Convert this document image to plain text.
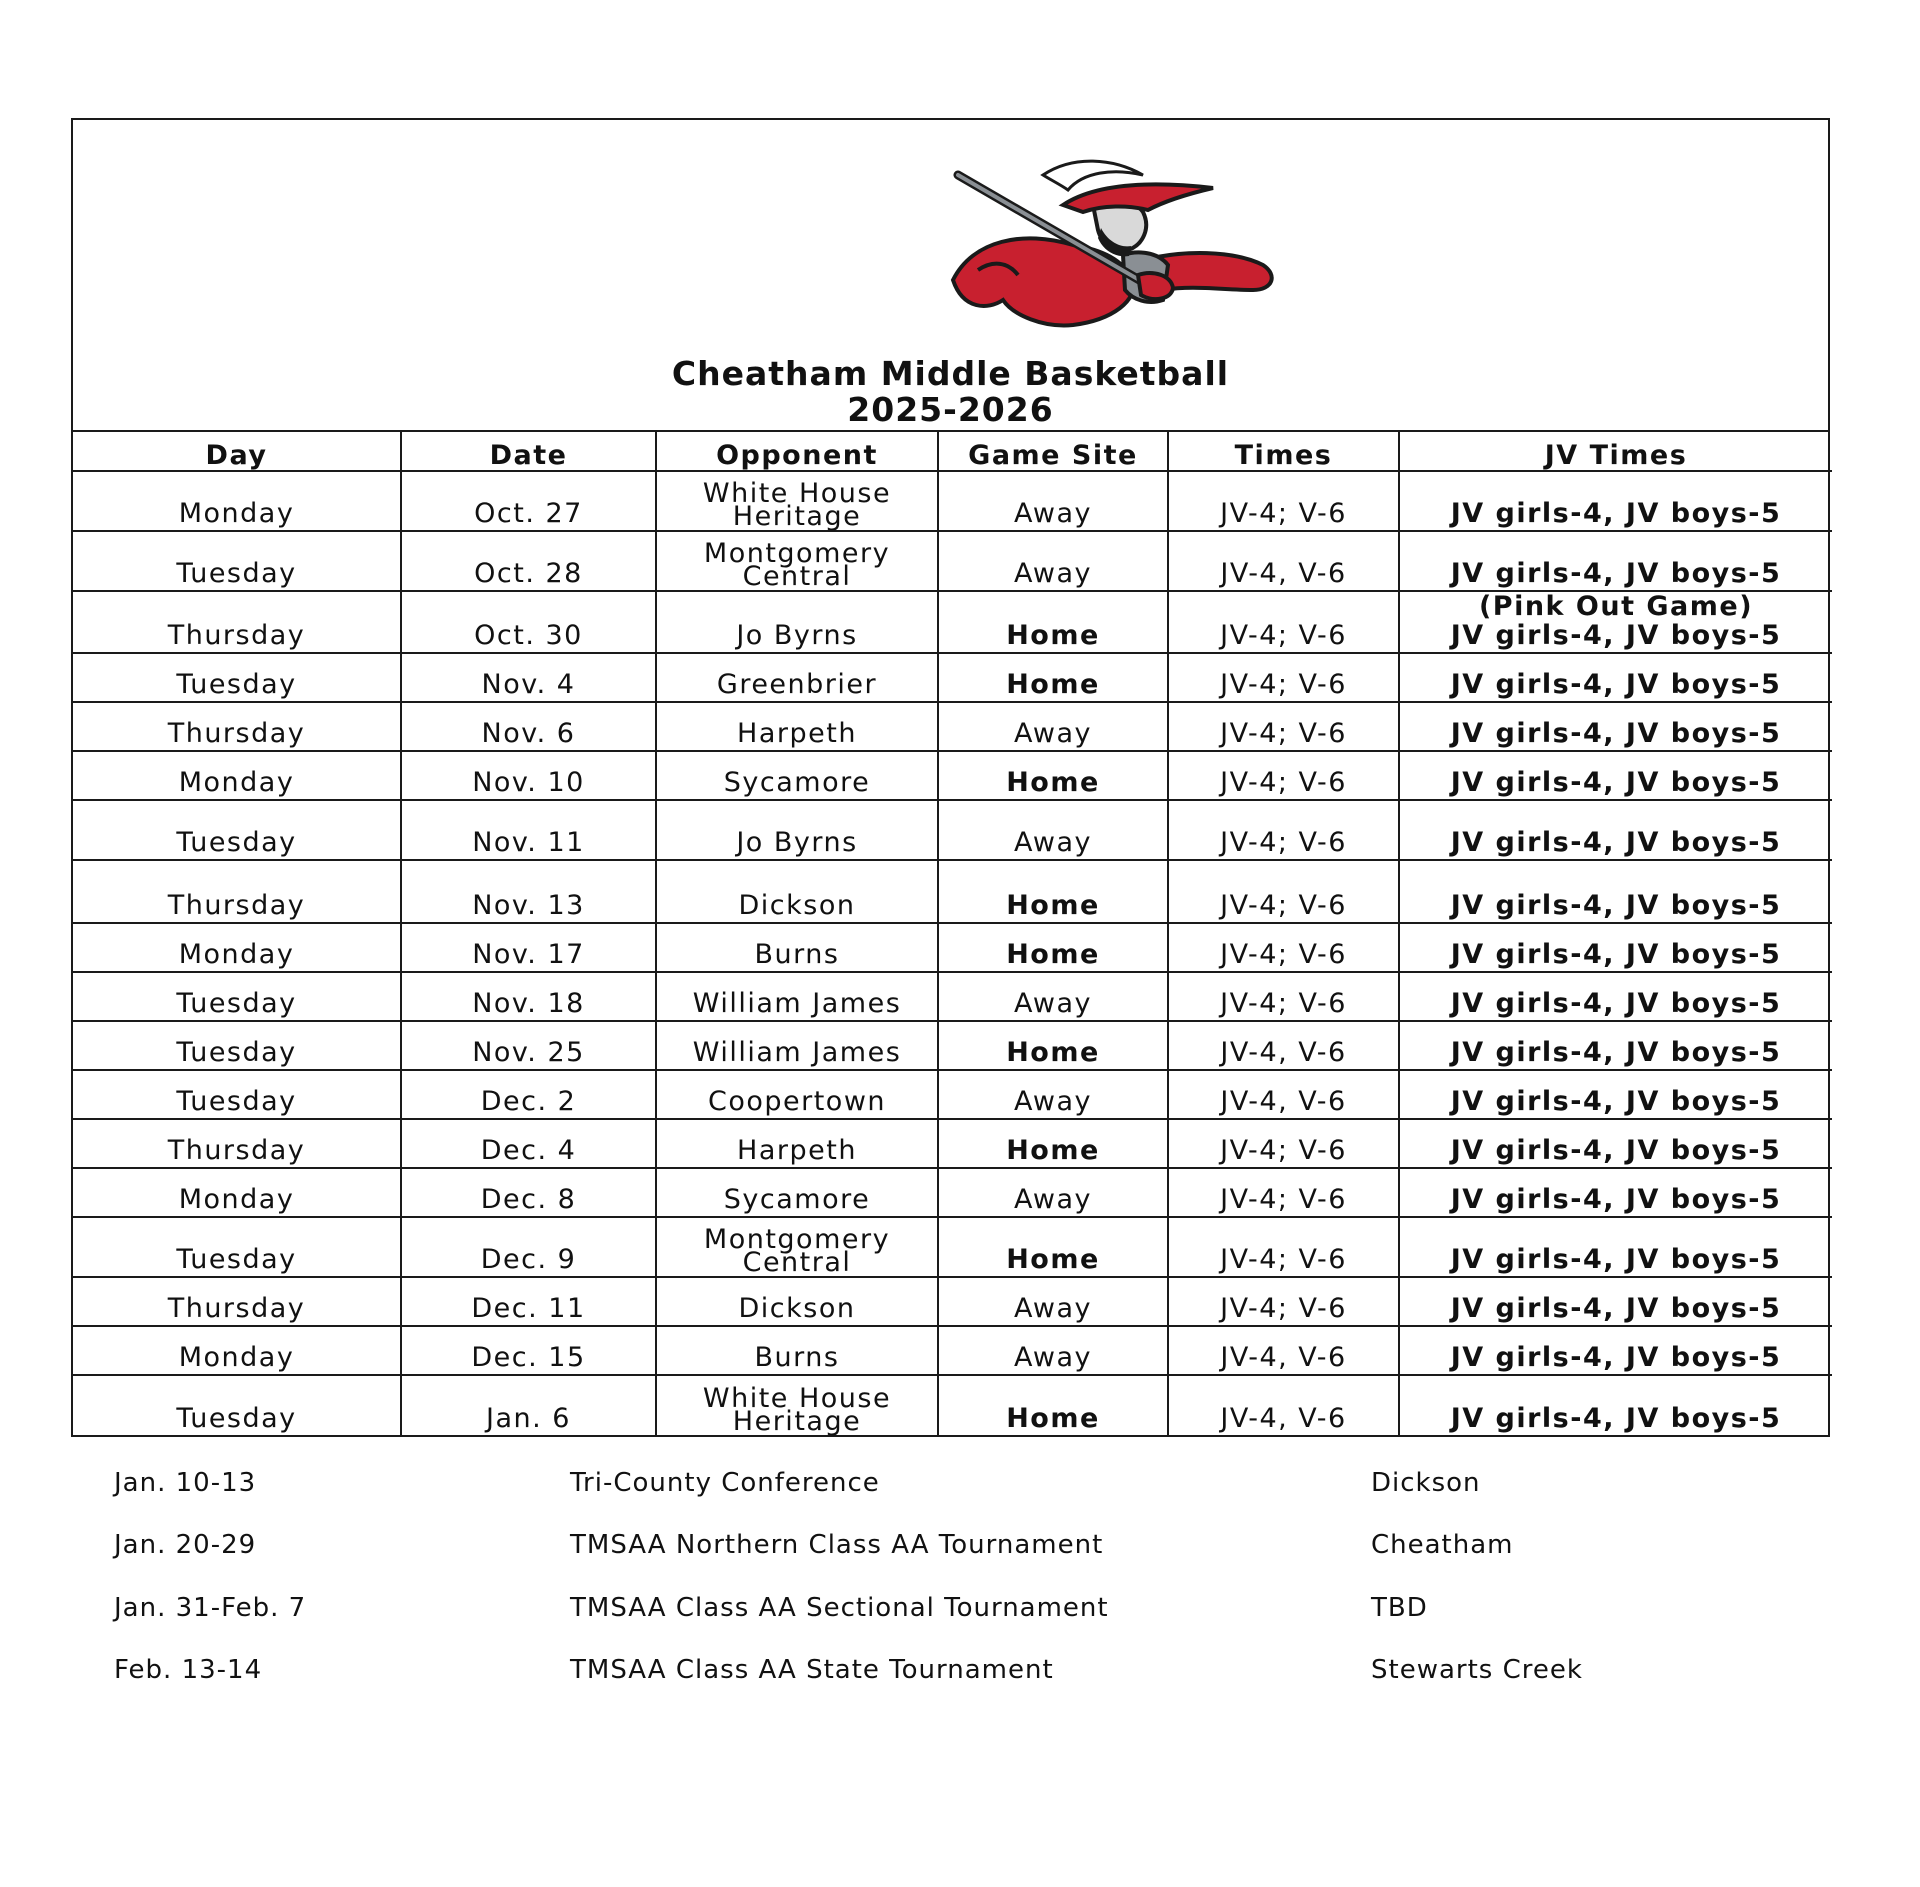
Cheatham Middle Basketball
2025-2026
Day	Date	Opponent	Game Site	Times	JV Times
Monday	Oct. 27	White House Heritage	Away	JV-4; V-6	JV girls-4, JV boys-5
Tuesday	Oct. 28	Montgomery Central	Away	JV-4, V-6	JV girls-4, JV boys-5
Thursday	Oct. 30	Jo Byrns	Home	JV-4; V-6	(Pink Out Game)
JV girls-4, JV boys-5

Tuesday	Nov. 4	Greenbrier	Home	JV-4; V-6	JV girls-4, JV boys-5
Thursday	Nov. 6	Harpeth	Away	JV-4; V-6	JV girls-4, JV boys-5
Monday	Nov. 10	Sycamore	Home	JV-4; V-6	JV girls-4, JV boys-5
Tuesday	Nov. 11	Jo Byrns	Away	JV-4; V-6	JV girls-4, JV boys-5
Thursday	Nov. 13	Dickson	Home	JV-4; V-6	JV girls-4, JV boys-5
Monday	Nov. 17	Burns	Home	JV-4; V-6	JV girls-4, JV boys-5
Tuesday	Nov. 18	William James	Away	JV-4; V-6	JV girls-4, JV boys-5
Tuesday	Nov. 25	William James	Home	JV-4, V-6	JV girls-4, JV boys-5
Tuesday	Dec. 2	Coopertown	Away	JV-4, V-6	JV girls-4, JV boys-5
Thursday	Dec. 4	Harpeth	Home	JV-4; V-6	JV girls-4, JV boys-5
Monday	Dec. 8	Sycamore	Away	JV-4; V-6	JV girls-4, JV boys-5
Tuesday	Dec. 9	Montgomery Central	Home	JV-4; V-6	JV girls-4, JV boys-5
Thursday	Dec. 11	Dickson	Away	JV-4; V-6	JV girls-4, JV boys-5
Monday	Dec. 15	Burns	Away	JV-4, V-6	JV girls-4, JV boys-5
Tuesday	Jan. 6	White House Heritage	Home	JV-4, V-6	JV girls-4, JV boys-5
Jan. 10-13	Tri-County Conference	Dickson
Jan. 20-29	TMSAA Northern Class AA Tournament	Cheatham
Jan. 31-Feb. 7	TMSAA Class AA Sectional Tournament	TBD
Feb. 13-14	TMSAA Class AA State Tournament	Stewarts Creek
